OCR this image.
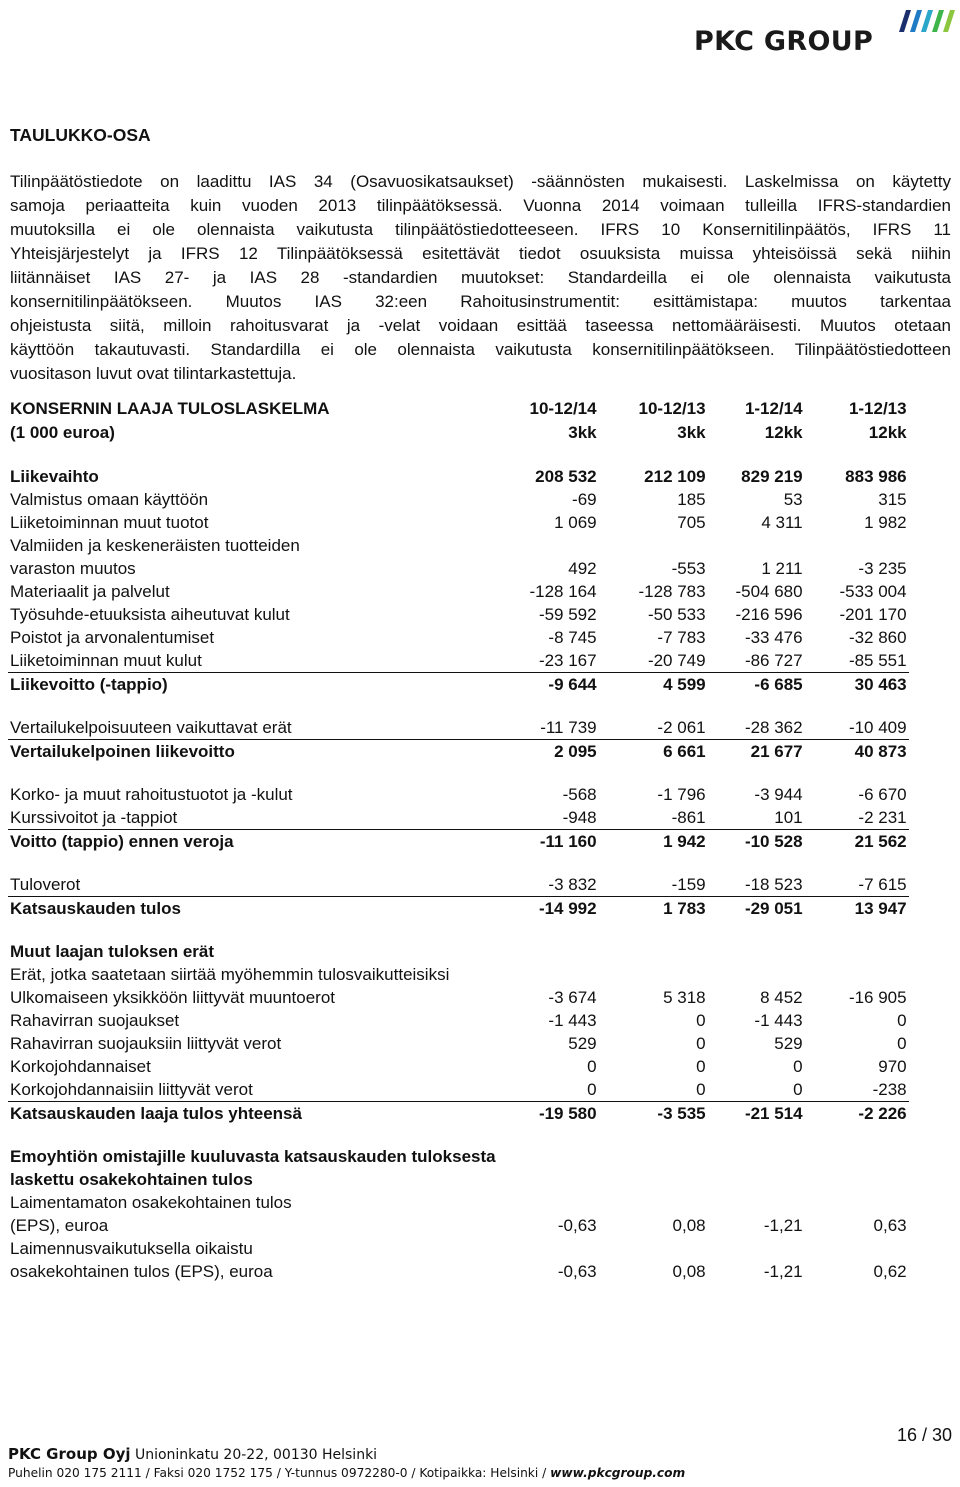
PKC GROUP
TAULUKKO-OSA
Tilinpäätöstiedote on laadittu IAS 34 (Osavuosikatsaukset) -säännösten mukaisesti. Laskelmissa on käytetty
samoja periaatteita kuin vuoden 2013 tilinpäätöksessä. Vuonna 2014 voimaan tulleilla IFRS-standardien
muutoksilla ei ole olennaista vaikutusta tilinpäätöstiedotteeseen. IFRS 10 Konsernitilinpäätös, IFRS 11
Yhteisjärjestelyt ja IFRS 12 Tilinpäätöksessä esitettävät tiedot osuuksista muissa yhteisöissä sekä niihin
liitännäiset IAS 27- ja IAS 28 -standardien muutokset: Standardeilla ei ole olennaista vaikutusta
konsernitilinpäätökseen. Muutos IAS 32:een Rahoitusinstrumentit: esittämistapa: muutos tarkentaa
ohjeistusta siitä, milloin rahoitusvarat ja -velat voidaan esittää taseessa nettomääräisesti. Muutos otetaan
käyttöön takautuvasti. Standardilla ei ole olennaista vaikutusta konsernitilinpäätökseen. Tilinpäätöstiedotteen
vuositason luvut ovat tilintarkastettuja.
KONSERNIN LAAJA TULOSLASKELMA	10-12/14	10-12/13	1-12/14	1-12/13
(1 000 euroa)	3kk	3kk	12kk	12kk

Liikevaihto	208 532	212 109	829 219	883 986
Valmistus omaan käyttöön	-69	185	53	315
Liiketoiminnan muut tuotot	1 069	705	4 311	1 982
Valmiiden ja keskeneräisten tuotteiden				
varaston muutos	492	-553	1 211	-3 235
Materiaalit ja palvelut	-128 164	-128 783	-504 680	-533 004
Työsuhde-etuuksista aiheutuvat kulut	-59 592	-50 533	-216 596	-201 170
Poistot ja arvonalentumiset	-8 745	-7 783	-33 476	-32 860
Liiketoiminnan muut kulut	-23 167	-20 749	-86 727	-85 551
Liikevoitto (-tappio)	-9 644	4 599	-6 685	30 463

Vertailukelpoisuuteen vaikuttavat erät	-11 739	-2 061	-28 362	-10 409
Vertailukelpoinen liikevoitto	2 095	6 661	21 677	40 873

Korko- ja muut rahoitustuotot ja -kulut	-568	-1 796	-3 944	-6 670
Kurssivoitot ja -tappiot	-948	-861	101	-2 231
Voitto (tappio) ennen veroja	-11 160	1 942	-10 528	21 562

Tuloverot	-3 832	-159	-18 523	-7 615
Katsauskauden tulos	-14 992	1 783	-29 051	13 947

Muut laajan tuloksen erät				
Erät, jotka saatetaan siirtää myöhemmin tulosvaikutteisiksi				
Ulkomaiseen yksikköön liittyvät muuntoerot	-3 674	5 318	8 452	-16 905
Rahavirran suojaukset	-1 443	0	-1 443	0
Rahavirran suojauksiin liittyvät verot	529	0	529	0
Korkojohdannaiset	0	0	0	970
Korkojohdannaisiin liittyvät verot	0	0	0	-238
Katsauskauden laaja tulos yhteensä	-19 580	-3 535	-21 514	-2 226

Emoyhtiön omistajille kuuluvasta katsauskauden tuloksesta				
laskettu osakekohtainen tulos				
Laimentamaton osakekohtainen tulos				
(EPS), euroa	-0,63	0,08	-1,21	0,63
Laimennusvaikutuksella oikaistu				
osakekohtainen tulos (EPS), euroa	-0,63	0,08	-1,21	0,62
16 / 30
PKC Group Oyj Unioninkatu 20-22, 00130 Helsinki
Puhelin 020 175 2111 / Faksi 020 1752 175 / Y-tunnus 0972280-0 / Kotipaikka: Helsinki / www.pkcgroup.com
